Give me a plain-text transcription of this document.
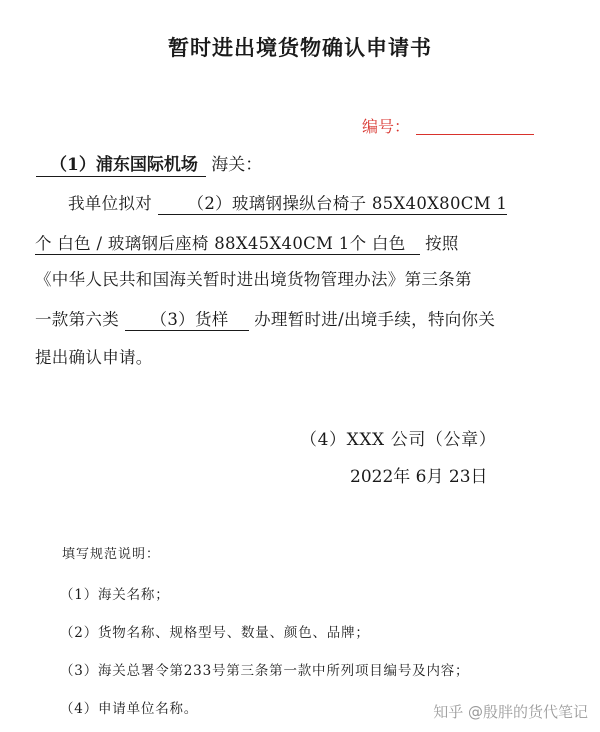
暂时进出境货物确认申请书
编号：
（1）浦东国际机场 海关：
我单位拟对 （2）玻璃钢操纵台椅子 85X40X80CM 1
个 白色 / 玻璃钢后座椅 88X45X40CM 1个 白色 按照
《中华人民共和国海关暂时进出境货物管理办法》第三条第
一款第六类 （3）货样 办理暂时进/出境手续，特向你关
提出确认申请。
（4）XXX 公司（公章）
2022年 6月 23日
填写规范说明：
（1）海关名称；
（2）货物名称、规格型号、数量、颜色、品牌；
（3）海关总署令第233号第三条第一款中所列项目编号及内容；
（4）申请单位名称。	知乎 @殷胖的货代笔记
